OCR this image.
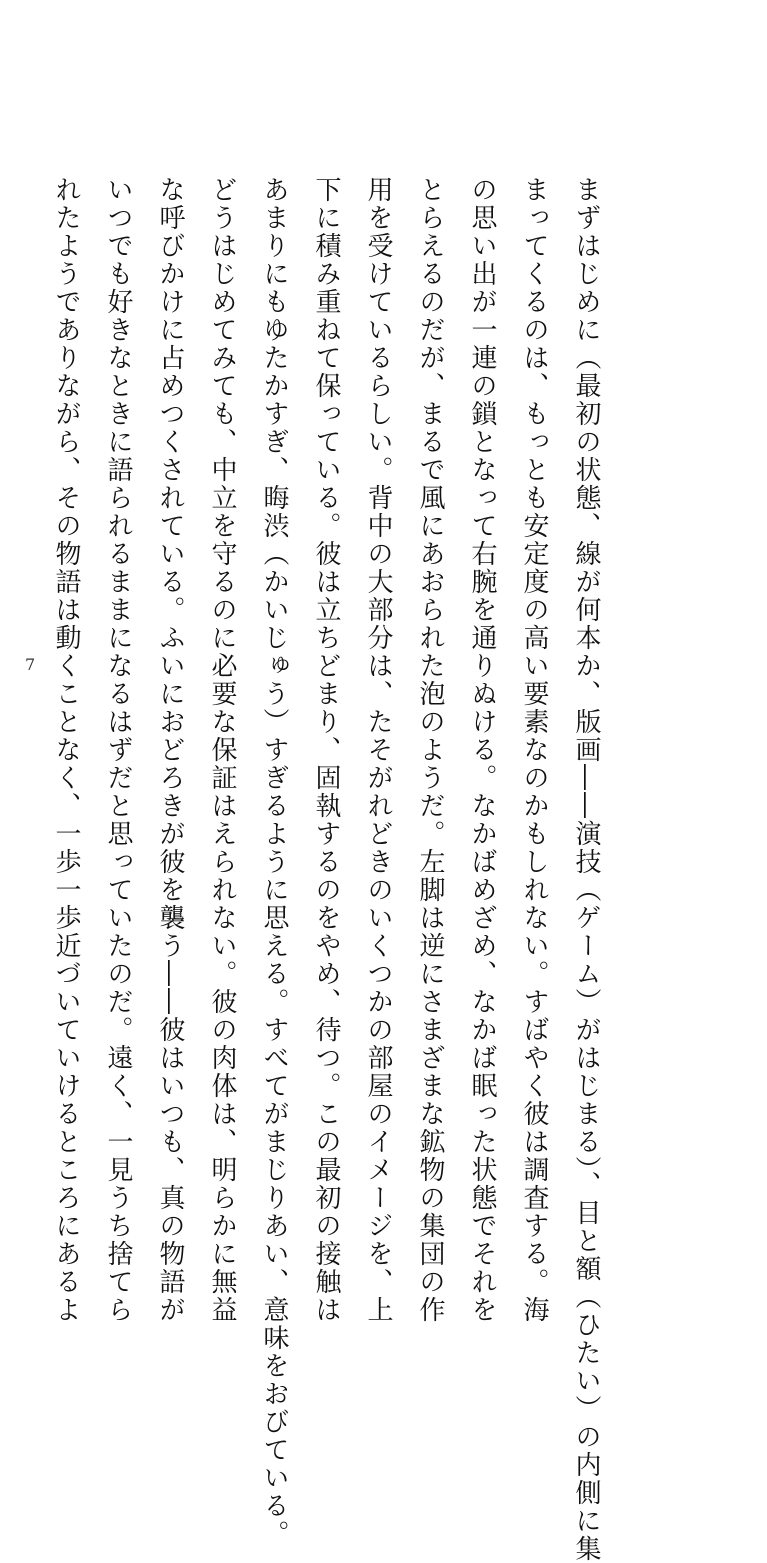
まずはじめに（最初の状態、線が何本か、版画――演技（ゲーム）がはじまる）、目と額（ひたい）の内側に集
まってくるのは、もっとも安定度の高い要素なのかもしれない。すばやく彼は調査する。海
の思い出が一連の鎖となって右腕を通りぬける。なかばめざめ、なかば眠った状態でそれを
とらえるのだが、まるで風にあおられた泡のようだ。左脚は逆にさまざまな鉱物の集団の作
用を受けているらしい。背中の大部分は、たそがれどきのいくつかの部屋のイメージを、上
下に積み重ねて保っている。彼は立ちどまり、固執するのをやめ、待つ。この最初の接触は
あまりにもゆたかすぎ、晦渋（かいじゅう）すぎるように思える。すべてがまじりあい、意味をおびている。
どうはじめてみても、中立を守るのに必要な保証はえられない。彼の肉体は、明らかに無益
な呼びかけに占めつくされている。ふいにおどろきが彼を襲う――彼はいつも、真の物語が
いつでも好きなときに語られるままになるはずだと思っていたのだ。遠く、一見うち捨てら
れたようでありながら、その物語は動くことなく、一歩一歩近づいていけるところにあるよ

7
